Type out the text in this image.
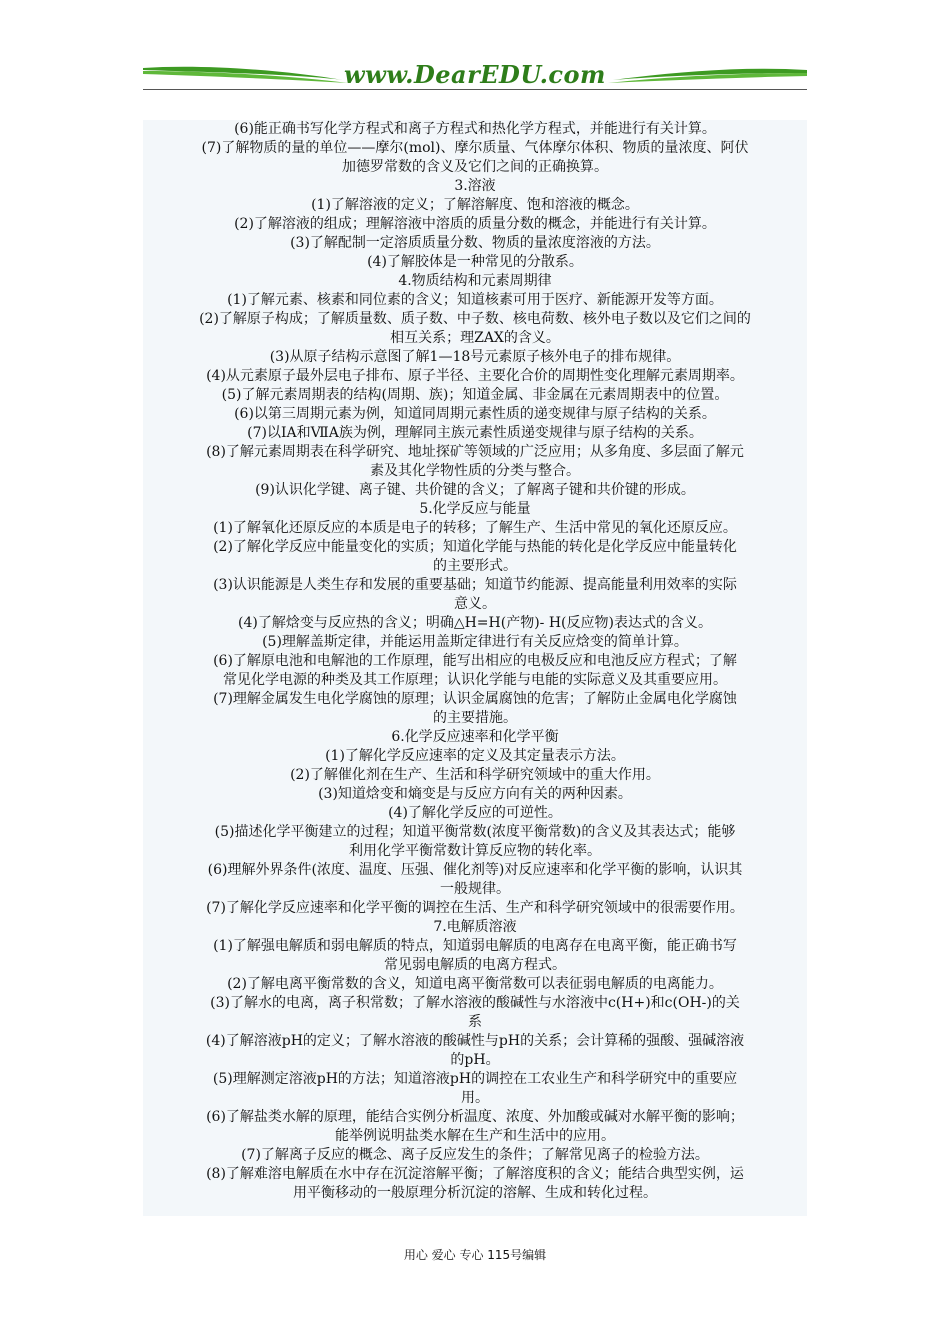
www.DearEDU.com
(6)能正确书写化学方程式和离子方程式和热化学方程式，并能进行有关计算。
(7)了解物质的量的单位——摩尔(mol)、摩尔质量、气体摩尔体积、物质的量浓度、阿伏
加德罗常数的含义及它们之间的正确换算。
3.溶液
(1)了解溶液的定义；了解溶解度、饱和溶液的概念。
(2)了解溶液的组成；理解溶液中溶质的质量分数的概念，并能进行有关计算。
(3)了解配制一定溶质质量分数、物质的量浓度溶液的方法。
(4)了解胶体是一种常见的分散系。
4.物质结构和元素周期律
(1)了解元素、核素和同位素的含义；知道核素可用于医疗、新能源开发等方面。
(2)了解原子构成；了解质量数、质子数、中子数、核电荷数、核外电子数以及它们之间的
相互关系；理ZAX的含义。
(3)从原子结构示意图了解1—18号元素原子核外电子的排布规律。
(4)从元素原子最外层电子排布、原子半径、主要化合价的周期性变化理解元素周期率。
(5)了解元素周期表的结构(周期、族)；知道金属、非金属在元素周期表中的位置。
(6)以第三周期元素为例，知道同周期元素性质的递变规律与原子结构的关系。
(7)以IA和ⅦA族为例，理解同主族元素性质递变规律与原子结构的关系。
(8)了解元素周期表在科学研究、地址探矿等领域的广泛应用；从多角度、多层面了解元
素及其化学物性质的分类与整合。
(9)认识化学键、离子键、共价键的含义；了解离子键和共价键的形成。
5.化学反应与能量
(1)了解氧化还原反应的本质是电子的转移；了解生产、生活中常见的氧化还原反应。
(2)了解化学反应中能量变化的实质；知道化学能与热能的转化是化学反应中能量转化
的主要形式。
(3)认识能源是人类生存和发展的重要基础；知道节约能源、提高能量利用效率的实际
意义。
(4)了解焓变与反应热的含义；明确△H=H(产物)- H(反应物)表达式的含义。
(5)理解盖斯定律，并能运用盖斯定律进行有关反应焓变的简单计算。
(6)了解原电池和电解池的工作原理，能写出相应的电极反应和电池反应方程式；了解
常见化学电源的种类及其工作原理；认识化学能与电能的实际意义及其重要应用。
(7)理解金属发生电化学腐蚀的原理；认识金属腐蚀的危害；了解防止金属电化学腐蚀
的主要措施。
6.化学反应速率和化学平衡
(1)了解化学反应速率的定义及其定量表示方法。
(2)了解催化剂在生产、生活和科学研究领域中的重大作用。
(3)知道焓变和熵变是与反应方向有关的两种因素。
(4)了解化学反应的可逆性。
(5)描述化学平衡建立的过程；知道平衡常数(浓度平衡常数)的含义及其表达式；能够
利用化学平衡常数计算反应物的转化率。
(6)理解外界条件(浓度、温度、压强、催化剂等)对反应速率和化学平衡的影响，认识其
一般规律。
(7)了解化学反应速率和化学平衡的调控在生活、生产和科学研究领域中的很需要作用。
7.电解质溶液
(1)了解强电解质和弱电解质的特点，知道弱电解质的电离存在电离平衡，能正确书写
常见弱电解质的电离方程式。
(2)了解电离平衡常数的含义，知道电离平衡常数可以表征弱电解质的电离能力。
(3)了解水的电离，离子积常数；了解水溶液的酸碱性与水溶液中c(H+)和c(OH-)的关
系
(4)了解溶液pH的定义；了解水溶液的酸碱性与pH的关系；会计算稀的强酸、强碱溶液
的pH。
(5)理解测定溶液pH的方法；知道溶液pH的调控在工农业生产和科学研究中的重要应
用。
(6)了解盐类水解的原理，能结合实例分析温度、浓度、外加酸或碱对水解平衡的影响；
能举例说明盐类水解在生产和生活中的应用。
(7)了解离子反应的概念、离子反应发生的条件；了解常见离子的检验方法。
(8)了解难溶电解质在水中存在沉淀溶解平衡；了解溶度积的含义；能结合典型实例，运
用平衡移动的一般原理分析沉淀的溶解、生成和转化过程。
用心 爱心 专心 115号编辑
